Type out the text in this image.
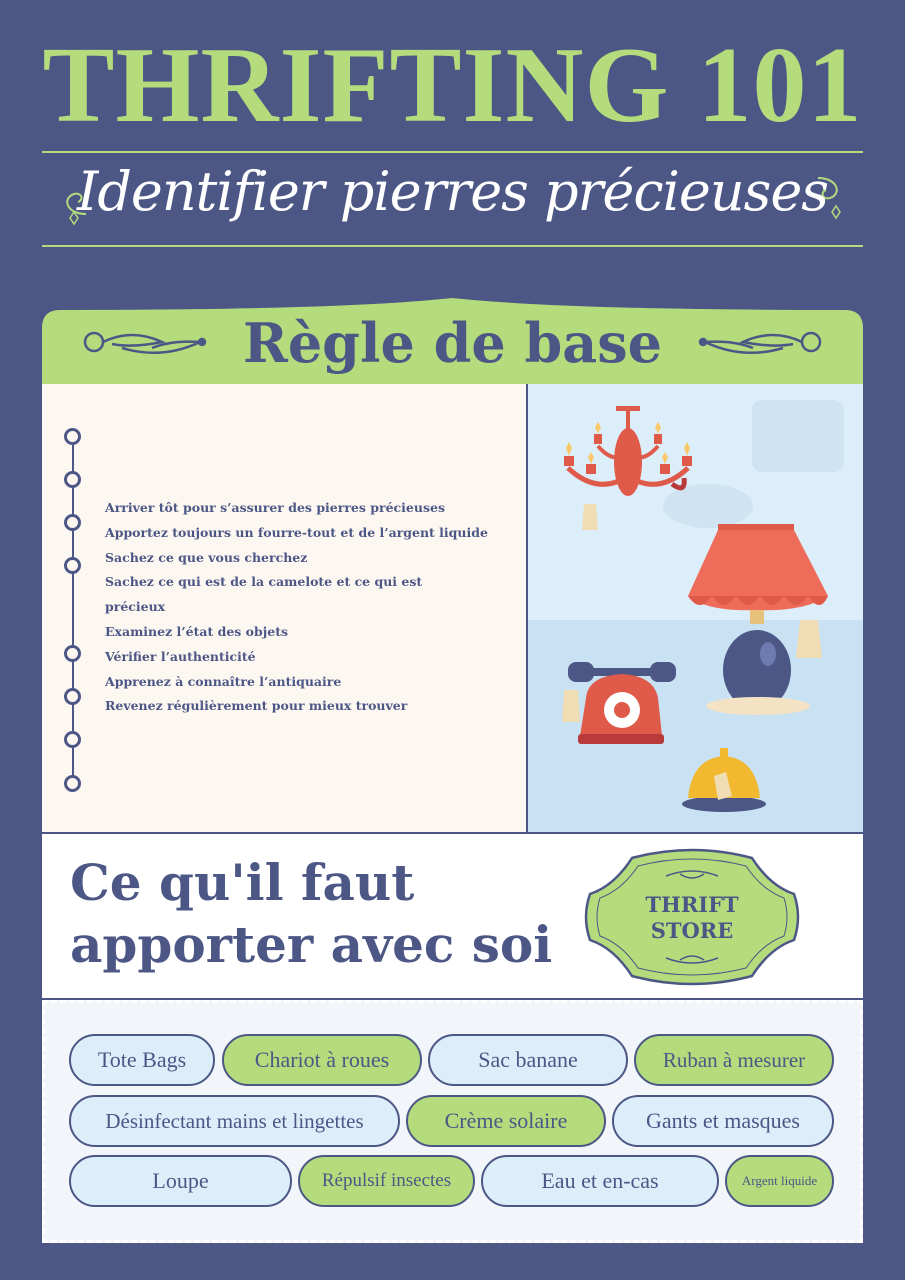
THRIFTING 101
Identifier pierres précieuses
Règle de base
Arriver tôt pour s’assurer des pierres précieuses
Apportez toujours un fourre-tout et de l’argent liquide
Sachez ce que vous cherchez
Sachez ce qui est de la camelote et ce qui est
précieux
Examinez l’état des objets
Vérifier l’authenticité
Apprenez à connaître l’antiquaire
Revenez régulièrement pour mieux trouver
Ce qu'il faut
apporter avec soi
THRIFT
STORE
Tote Bags	Chariot à roues	Sac banane	Ruban à mesurer
Désinfectant mains et lingettes	Crème solaire	Gants et masques
Loupe	Répulsif insectes	Eau et en-cas	Argent liquide
